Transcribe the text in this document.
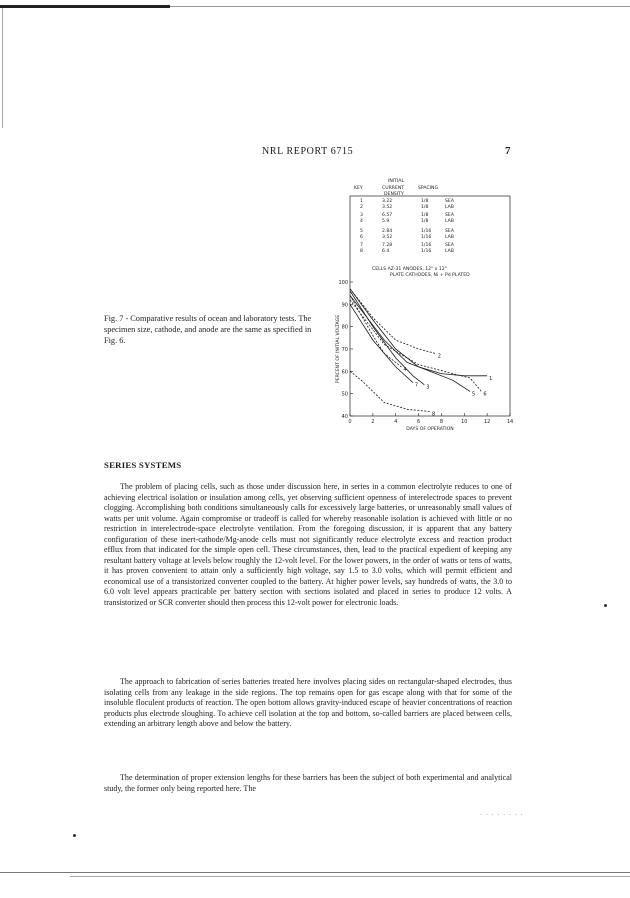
NRL REPORT 6715	7
INITIAL
KEY	CURRENT	SPACING
DENSITY
1	3.22	1/8	SEA
2	3.52	1/8	LAB
3	6.57	1/8	SEA
4	5.9	1/8	LAB
5	2.84	1/16	SEA
6	3.52	1/16	LAB
7	7.28	1/16	SEA
8	6.4	1/16	LAB
CELLS AZ-31 ANODES, 12" x 12"
PLATE CATHODES, Ni + Pd PLATED
40
50
60
70
80
90
100
0	2	4	6	8	10	12	14
DAYS OF OPERATION
PERCENT OF INITIAL VOLTAGE	1
2
3
4
5 6
7
8
Fig. 7 - Comparative results of ocean and laboratory tests. The specimen size, cathode, and anode are the same as specified in Fig. 6.
SERIES SYSTEMS

The problem of placing cells, such as those under discussion here, in series in a common electrolyte reduces to one of achieving electrical isolation or insulation among cells, yet observing sufficient openness of interelectrode spaces to prevent clogging. Accomplishing both conditions simultaneously calls for excessively large batteries, or unreasonably small values of watts per unit volume. Again compromise or tradeoff is called for whereby reasonable isolation is achieved with little or no restriction in interelectrode-space electrolyte ventilation. From the foregoing discussion, it is apparent that any battery configuration of these inert-cathode/Mg-anode cells must not significantly reduce electrolyte excess and reaction product efflux from that indicated for the simple open cell. These circumstances, then, lead to the practical expedient of keeping any resultant battery voltage at levels below roughly the 12-volt level. For the lower powers, in the order of watts or tens of watts, it has proven convenient to attain only a sufficiently high voltage, say 1.5 to 3.0 volts, which will permit efficient and economical use of a transistorized converter coupled to the battery. At higher power levels, say hundreds of watts, the 3.0 to 6.0 volt level appears practicable per battery section with sections isolated and placed in series to produce 12 volts. A transistorized or SCR converter should then process this 12-volt power for electronic loads.

The approach to fabrication of series batteries treated here involves placing sides on rectangular-shaped electrodes, thus isolating cells from any leakage in the side regions. The top remains open for gas escape along with that for some of the insoluble floculent products of reaction. The open bottom allows gravity-induced escape of heavier concentrations of reaction products plus electrode sloughing. To achieve cell isolation at the top and bottom, so-called barriers are placed between cells, extending an arbitrary length above and below the battery.

The determination of proper extension lengths for these barriers has been the subject of both experimental and analytical study, the former only being reported here. The

· · · · · · · ·
